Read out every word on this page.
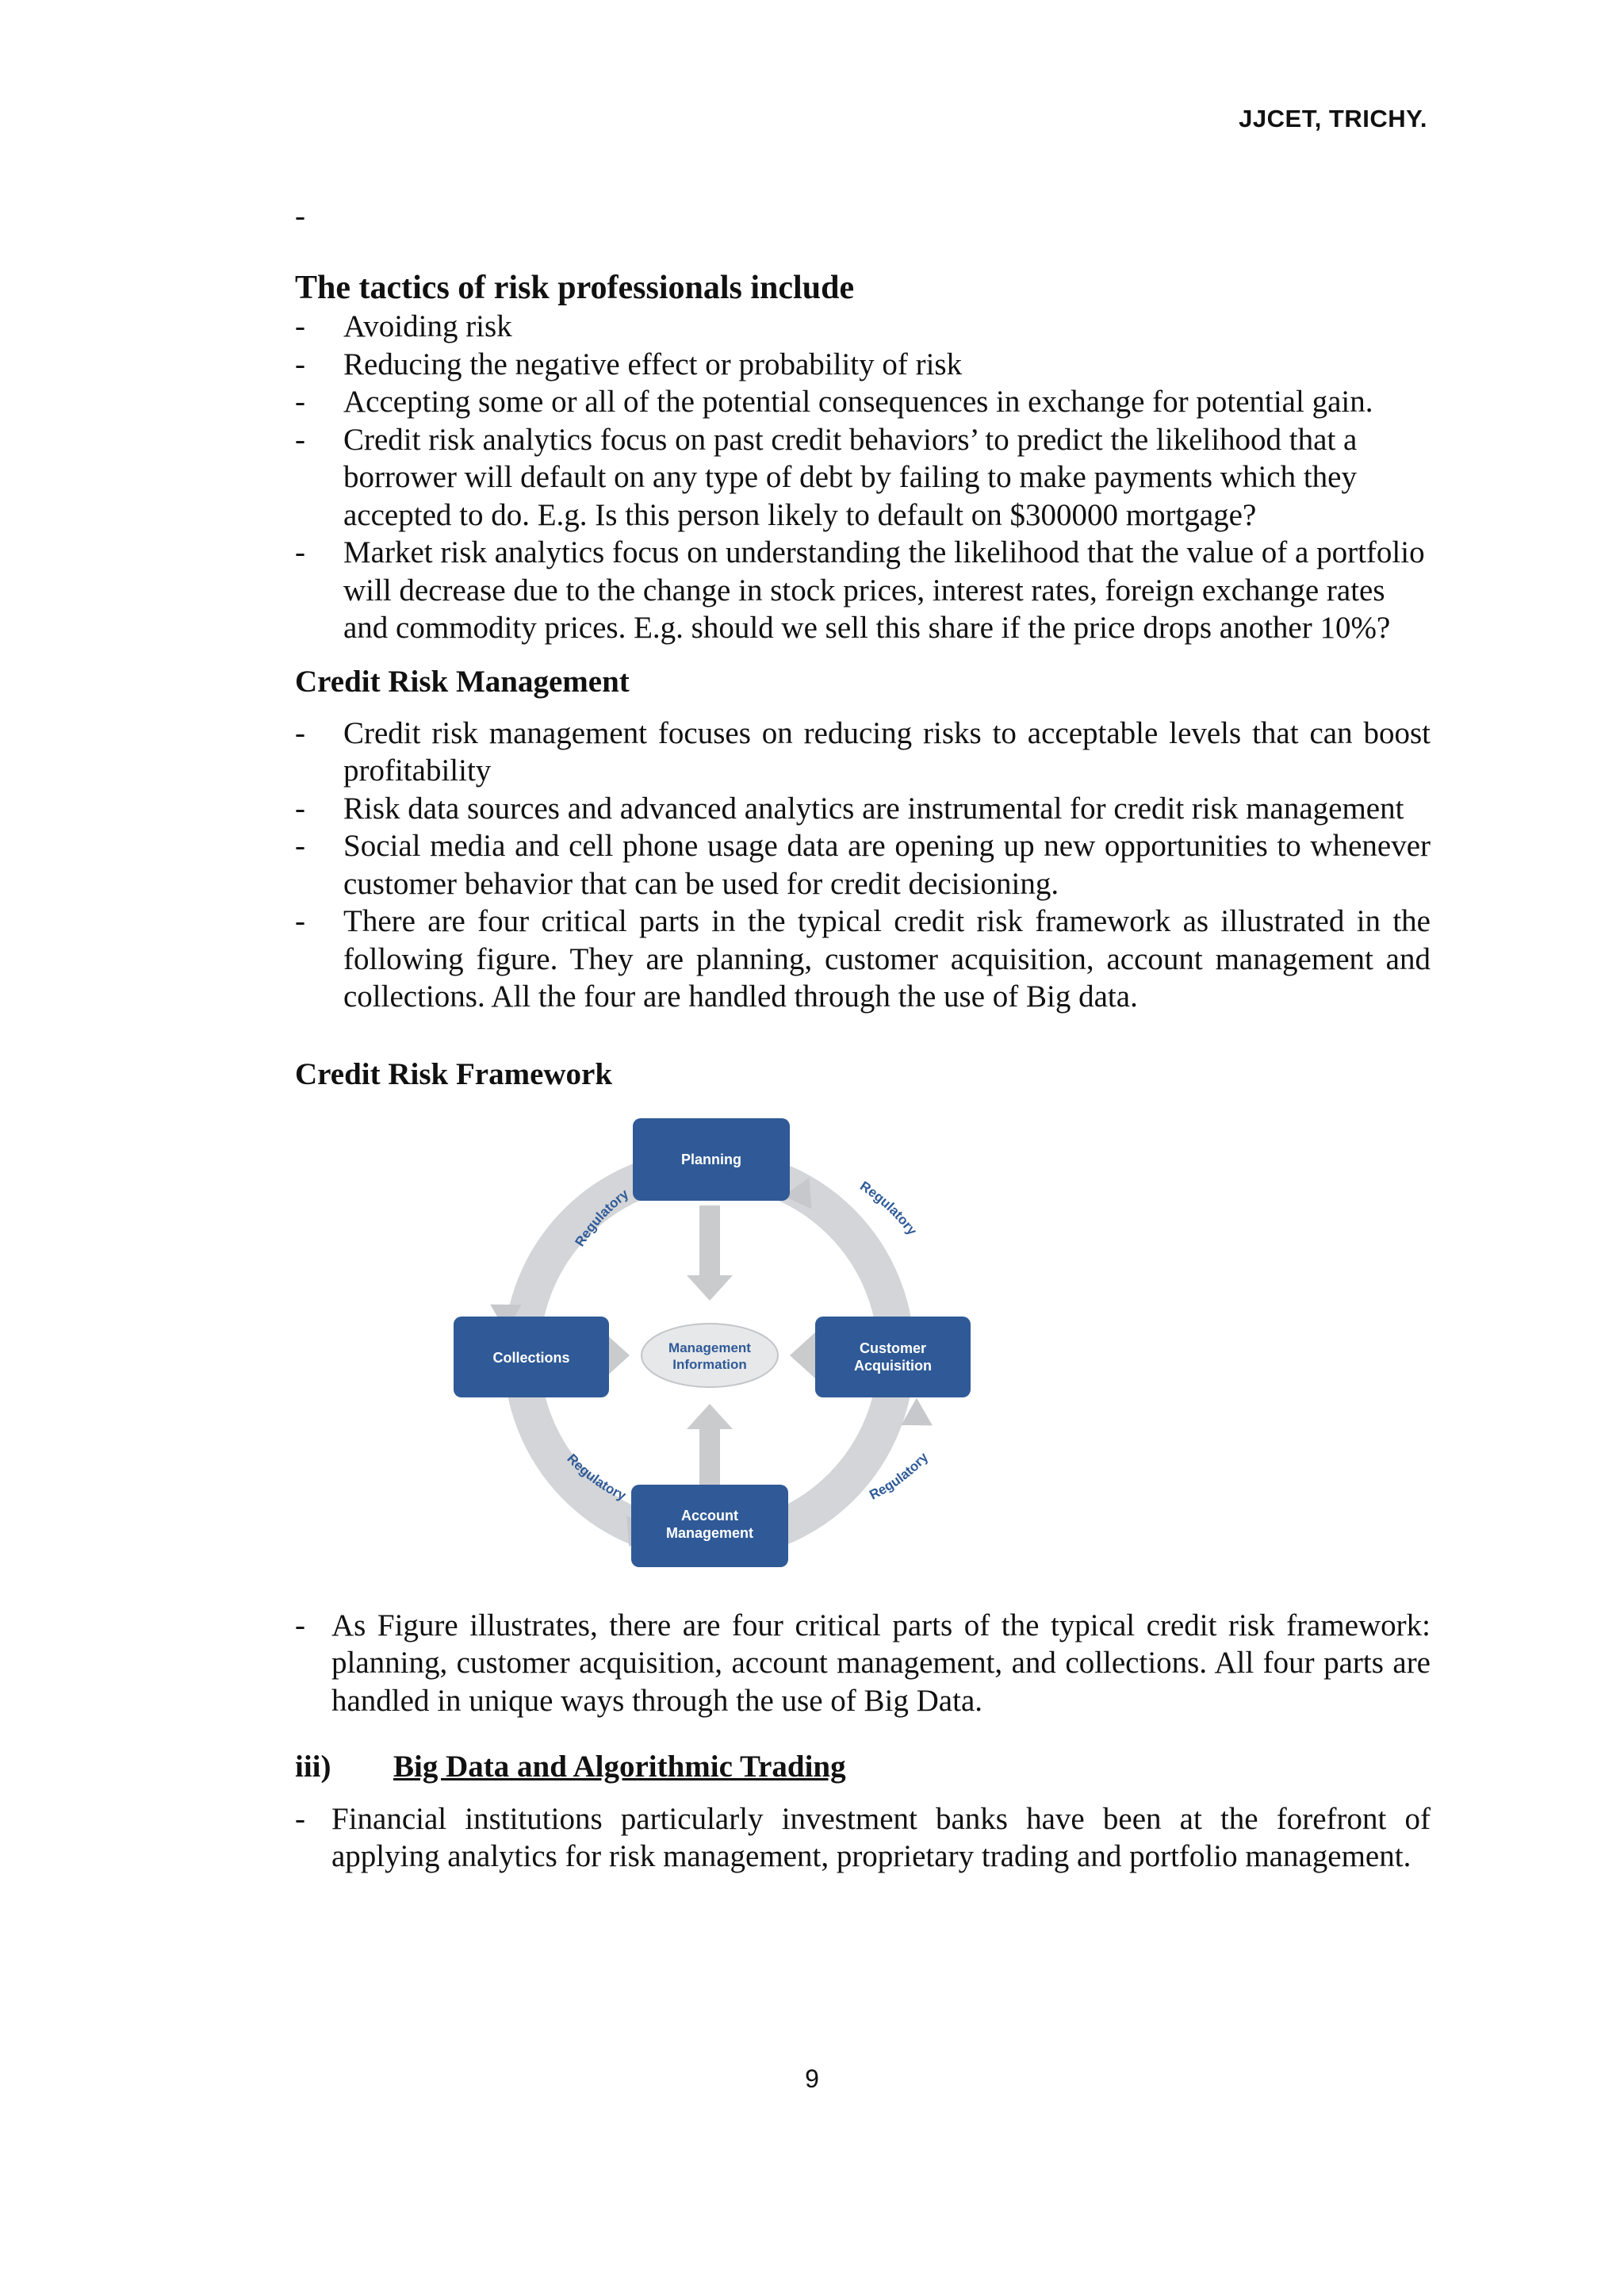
JJCET, TRICHY.
-
The tactics of risk professionals include
- Avoiding risk
- Reducing the negative effect or probability of risk
- Accepting some or all of the potential consequences in exchange for potential gain.
- Credit risk analytics focus on past credit behaviors’ to predict the likelihood that a borrower will default on any type of debt by failing to make payments which they accepted to do. E.g. Is this person likely to default on $300000 mortgage?
- Market risk analytics focus on understanding the likelihood that the value of a portfolio will decrease due to the change in stock prices, interest rates, foreign exchange rates and commodity prices. E.g. should we sell this share if the price drops another 10%?
Credit Risk Management
- Credit risk management focuses on reducing risks to acceptable levels that can boost profitability
- Risk data sources and advanced analytics are instrumental for credit risk management
- Social media and cell phone usage data are opening up new opportunities to whenever customer behavior that can be used for credit decisioning.
- There are four critical parts in the typical credit risk framework as illustrated in the following figure. They are planning, customer acquisition, account management and collections. All the four are handled through the use of Big data.
Credit Risk Framework
Regulatory	Regulatory
Regulatory	Regulatory
Management
Information
Planning
Collections
Customer
Acquisition
Account
Management
- As Figure illustrates, there are four critical parts of the typical credit risk framework: planning, customer acquisition, account management, and collections. All four parts are handled in unique ways through the use of Big Data.
iii)	Big Data and Algorithmic Trading
- Financial institutions particularly investment banks have been at the forefront of applying analytics for risk management, proprietary trading and portfolio management.
9
